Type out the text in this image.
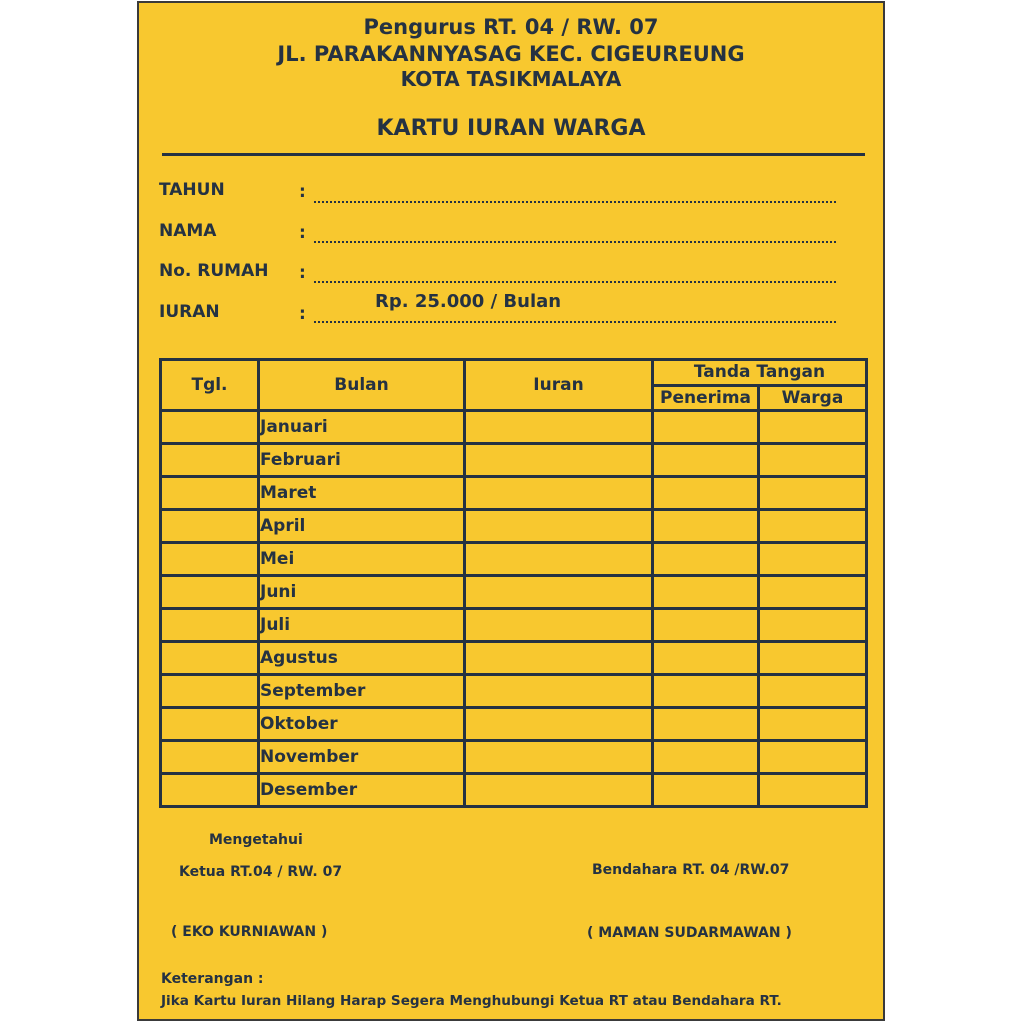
Pengurus RT. 04 / RW. 07
JL. PARAKANNYASAG KEC. CIGEUREUNG
KOTA TASIKMALAYA
KARTU IURAN WARGA
TAHUN	:
NAMA	:
No. RUMAH :
IURAN	:
Rp. 25.000 / Bulan
Tgl.	Bulan	Iuran	Tanda Tangan	
			Penerima	Warga
	Januari			
	Februari			
	Maret			
	April			
	Mei			
	Juni			
	Juli			
	Agustus			
	September			
	Oktober			
	November			
	Desember			
Mengetahui
Ketua RT.04 / RW. 07	Bendahara RT. 04 /RW.07
( EKO KURNIAWAN )	( MAMAN SUDARMAWAN )
Keterangan :
Jika Kartu Iuran Hilang Harap Segera Menghubungi Ketua RT atau Bendahara RT.
